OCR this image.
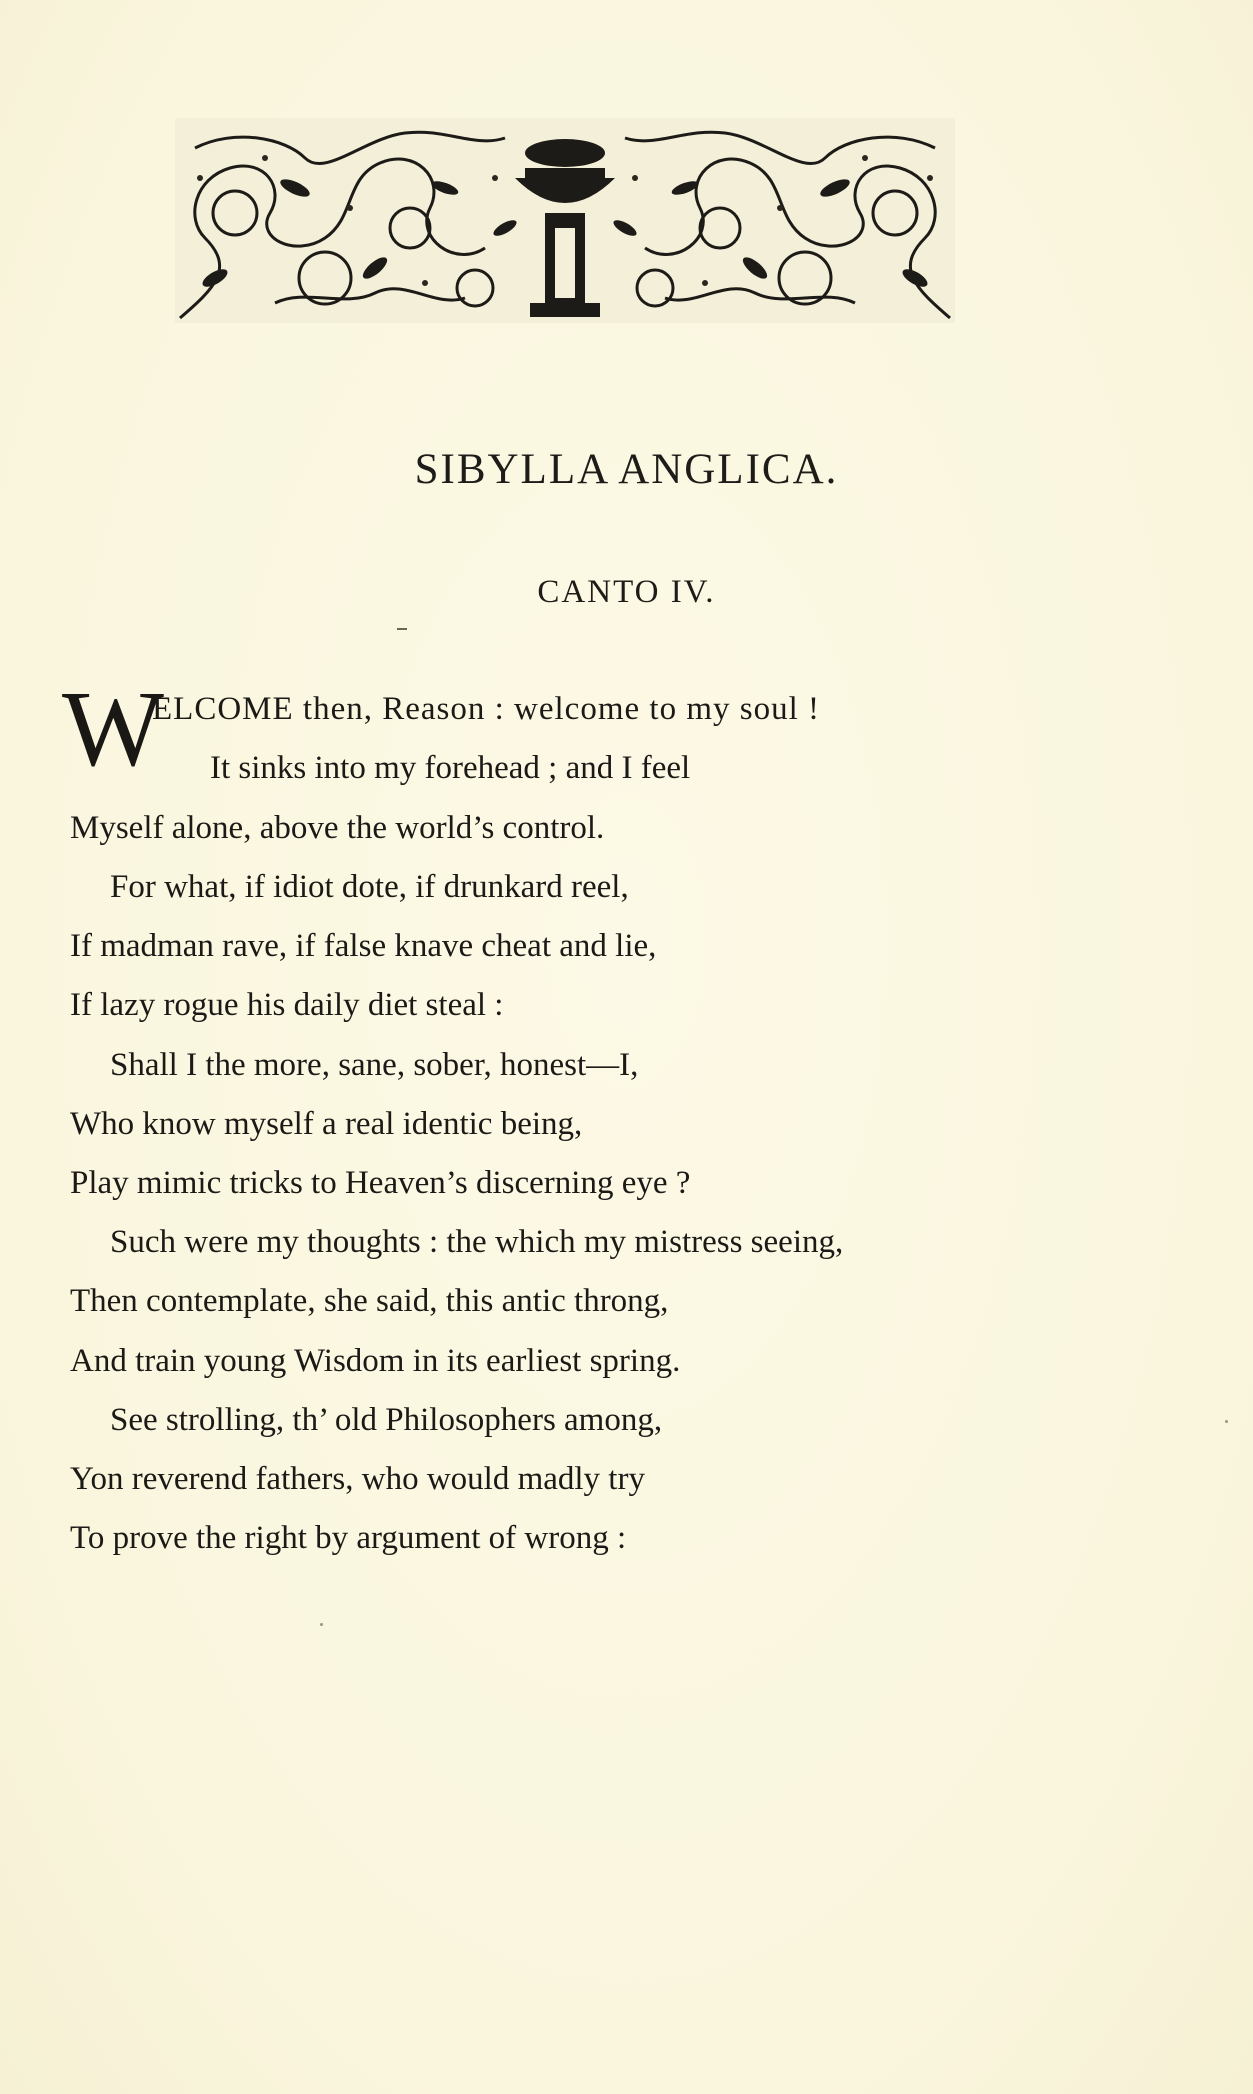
SIBYLLA ANGLICA.
CANTO IV.
W
ELCOME then, Reason : welcome to my soul !
It sinks into my forehead ; and I feel
Myself alone, above the world’s control.
For what, if idiot dote, if drunkard reel,
If madman rave, if false knave cheat and lie,
If lazy rogue his daily diet steal :
Shall I the more, sane, sober, honest—I,
Who know myself a real identic being,
Play mimic tricks to Heaven’s discerning eye ?
Such were my thoughts : the which my mistress seeing,
Then contemplate, she said, this antic throng,
And train young Wisdom in its earliest spring.
See strolling, th’ old Philosophers among,
Yon reverend fathers, who would madly try
To prove the right by argument of wrong :
